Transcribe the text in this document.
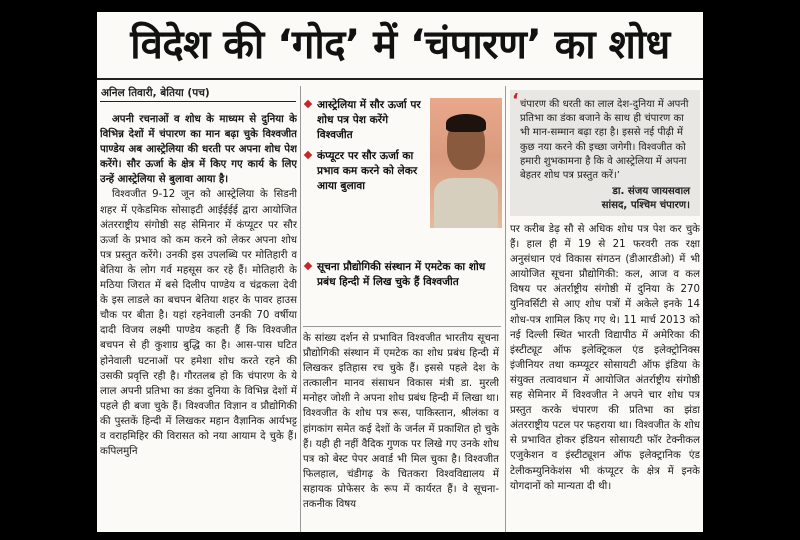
विदेश की ‘गोद’ में ‘चंपारण’ का शोध
अनिल तिवारी, बेतिया (पच)

अपनी रचनाओं व शोध के माध्यम से दुनिया के विभिन्न देशों में चंपारण का मान बढ़ा चुके विश्वजीत पाण्डेय अब आस्ट्रेलिया की धरती पर अपना शोध पेश करेंगे। सौर ऊर्जा के क्षेत्र में किए गए कार्य के लिए उन्हें आस्ट्रेलिया से बुलावा आया है।

विश्वजीत 9-12 जून को आस्ट्रेलिया के सिडनी शहर में एकेडमिक सोसाइटी आईईईई द्वारा आयोजित अंतरराष्ट्रीय संगोष्ठी सह सेमिनार में कंप्यूटर पर सौर ऊर्जा के प्रभाव को कम करने को लेकर अपना शोध पत्र प्रस्तुत करेंगे। उनकी इस उपलब्धि पर मोतिहारी व बेतिया के लोग गर्व महसूस कर रहे हैं। मोतिहारी के मठिया जिरात में बसे दिलीप पाण्डेय व चंद्रकला देवी के इस लाडले का बचपन बेतिया शहर के पावर हाउस चौक पर बीता है। यहां रहनेवाली उनकी 70 वर्षीया दादी विजय लक्ष्मी पाण्डेय कहती हैं कि विश्वजीत बचपन से ही कुशाग्र बुद्धि का है। आस-पास घटित होनेवाली घटनाओं पर हमेशा शोध करते रहने की उसकी प्रवृत्ति रही है। गौरतलब हो कि चंपारण के ये लाल अपनी प्रतिभा का डंका दुनिया के विभिन्न देशों में पहले ही बजा चुके हैं। विश्वजीत विज्ञान व प्रौद्योगिकी की पुस्तकें हिन्दी में लिखकर महान वैज्ञानिक आर्यभट्ट व वराहमिहिर की विरासत को नया आयाम दे चुके हैं। कपिलमुनि

आस्ट्रेलिया में सौर ऊर्जा पर शोध पत्र पेश करेंगे विश्वजीत
कंप्यूटर पर सौर ऊर्जा का प्रभाव कम करने को लेकर आया बुलावा
सूचना प्रौद्योगिकी संस्थान में एमटेक का शोध प्रबंध हिन्दी में लिख चुके हैं विश्वजीत

के सांख्य दर्शन से प्रभावित विश्वजीत भारतीय सूचना प्रौद्योगिकी संस्थान में एमटेक का शोध प्रबंध हिन्दी में लिखकर इतिहास रच चुके हैं। इससे पहले देश के तत्कालीन मानव संसाधन विकास मंत्री डा. मुरली मनोहर जोशी ने अपना शोध प्रबंध हिन्दी में लिखा था। विश्वजीत के शोध पत्र रूस, पाकिस्तान, श्रीलंका व हांगकांग समेत कई देशों के जर्नल में प्रकाशित हो चुके हैं। यही ही नहीं वैदिक गुणक पर लिखे गए उनके शोध पत्र को बेस्ट पेपर अवार्ड भी मिल चुका है। विश्वजीत फिलहाल, चंडीगढ़ के चितकरा विश्वविद्यालय में सहायक प्रोफेसर के रूप में कार्यरत हैं। वे सूचना-तकनीक विषय

‘ चंपारण की धरती का लाल देश-दुनिया में अपनी प्रतिभा का डंका बजाने के साथ ही चंपारण का भी मान-सम्मान बढ़ा रहा है। इससे नई पीढ़ी में कुछ नया करने की इच्छा जगेगी। विश्वजीत को हमारी शुभकामना है कि वे आस्ट्रेलिया में अपना बेहतर शोध पत्र प्रस्तुत करें।’
डा. संजय जायसवाल
सांसद, पश्चिम चंपारण।

पर करीब डेढ़ सौ से अधिक शोध पत्र पेश कर चुके हैं। हाल ही में 19 से 21 फरवरी तक रक्षा अनुसंधान एवं विकास संगठन (डीआरडीओ) में भी आयोजित सूचना प्रौद्योगिकी: कल, आज व कल विषय पर अंतर्राष्ट्रीय संगोष्ठी में दुनिया के 270 युनिवर्सिटी से आए शोध पत्रों में अकेले इनके 14 शोध-पत्र शामिल किए गए थे। 11 मार्च 2013 को नई दिल्ली स्थित भारती विद्यापीठ में अमेरिका की इंस्टीट्यूट ऑफ इलेक्ट्रिकल एंड इलेक्ट्रोनिक्स इंजीनियर तथा कम्प्यूटर सोसायटी ऑफ इंडिया के संयुक्त तत्वावधान में आयोजित अंतर्राष्ट्रीय संगोष्ठी सह सेमिनार में विश्वजीत ने अपने चार शोध पत्र प्रस्तुत करके चंपारण की प्रतिभा का झंडा अंतरराष्ट्रीय पटल पर फहराया था। विश्वजीत के शोध से प्रभावित होकर इंडियन सोसायटी फॉर टेक्नीकल एजुकेशन व इंस्टीट्यूशन ऑफ इलेक्ट्रानिक एंड टेलीकम्युनिकेशंस भी कंप्यूटर के क्षेत्र में इनके योगदानों को मान्यता दी थी।
